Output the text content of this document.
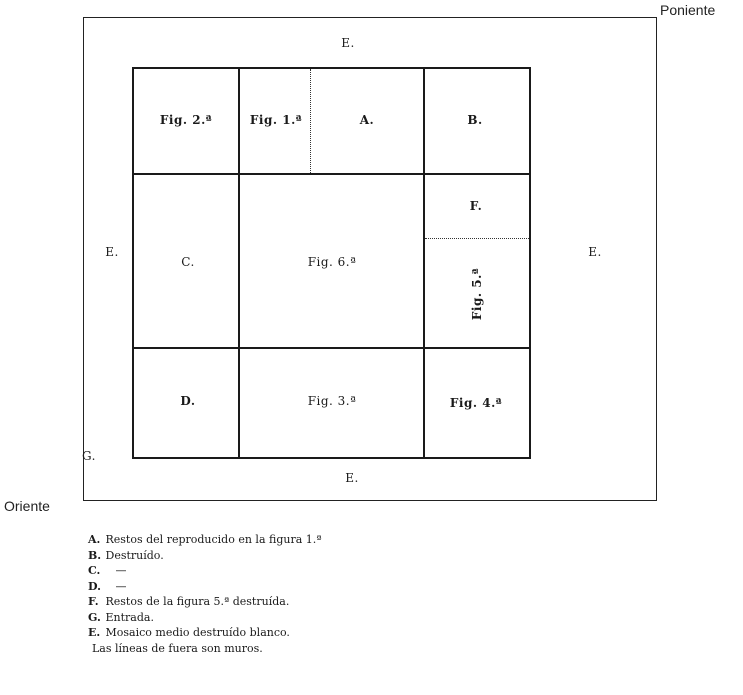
Poniente
Oriente
E.
E.	E.
E.
G.
Fig. 2.ª	Fig. 1.ª	A.	B.
C.	Fig. 6.ª
F.
Fig. 5.ª
D.	Fig. 3.ª	Fig. 4.ª
A. Restos del reproducido en la figura 1.ª
B. Destruído.
C. —
D. —
F. Restos de la figura 5.ª destruída.
G. Entrada.
E. Mosaico medio destruído blanco.
Las líneas de fuera son muros.
